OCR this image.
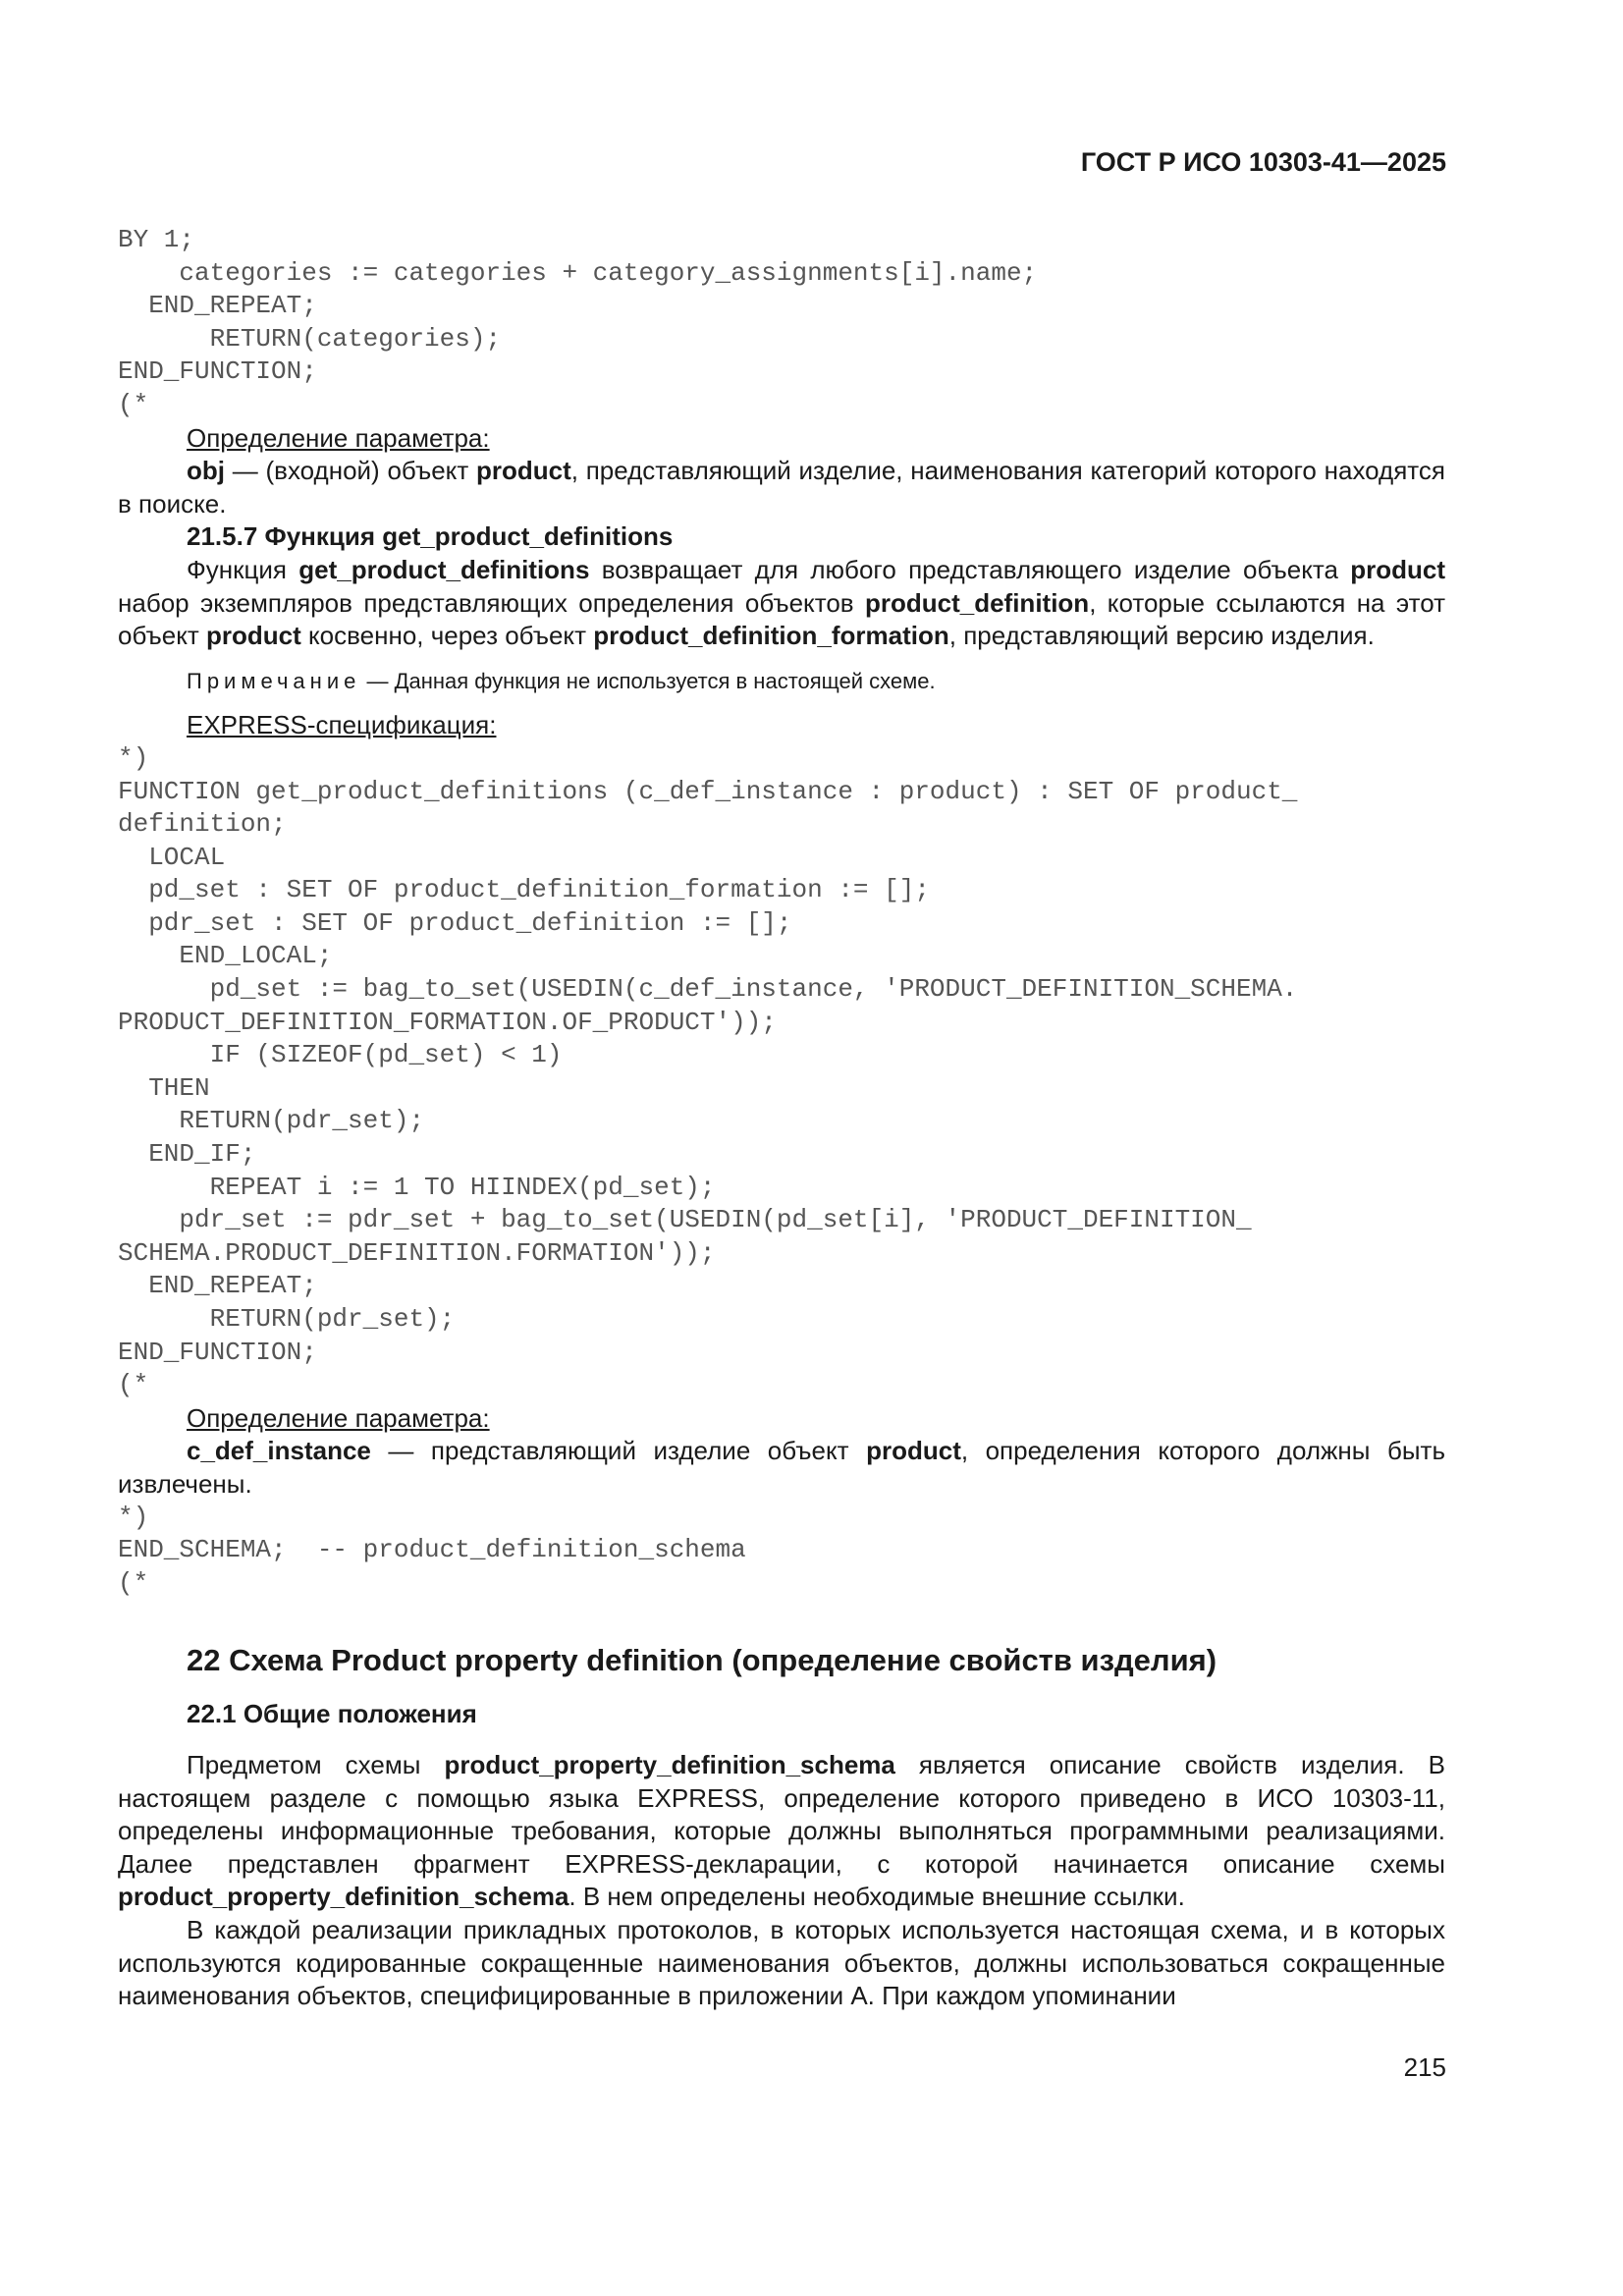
ГОСТ Р ИСО 10303-41—2025
BY 1;
categories := categories + category_assignments[i].name;
END_REPEAT;
RETURN(categories);
END_FUNCTION;
(*
Определение параметра:

obj — (входной) объект product, представляющий изделие, наименования категорий которого находятся в поиске.

21.5.7 Функция get_product_definitions

Функция get_product_definitions возвращает для любого представляющего изделие объекта product набор экземпляров представляющих определения объектов product_definition, которые ссылаются на этот объект product косвенно, через объект product_definition_formation, представляющий версию изделия.

Примечание — Данная функция не используется в настоящей схеме.

EXPRESS-спецификация:
*)
FUNCTION get_product_definitions (c_def_instance : product) : SET OF product_
definition;
LOCAL
pd_set : SET OF product_definition_formation := [];
pdr_set : SET OF product_definition := [];
END_LOCAL;
pd_set := bag_to_set(USEDIN(c_def_instance, 'PRODUCT_DEFINITION_SCHEMA.
PRODUCT_DEFINITION_FORMATION.OF_PRODUCT'));
IF (SIZEOF(pd_set) < 1)
THEN
RETURN(pdr_set);
END_IF;
REPEAT i := 1 TO HIINDEX(pd_set);
pdr_set := pdr_set + bag_to_set(USEDIN(pd_set[i], 'PRODUCT_DEFINITION_
SCHEMA.PRODUCT_DEFINITION.FORMATION'));
END_REPEAT;
RETURN(pdr_set);
END_FUNCTION;
(*
Определение параметра:

c_def_instance — представляющий изделие объект product, определения которого должны быть извлечены.

*)
END_SCHEMA;  -- product_definition_schema
(*
22 Схема Product property definition (определение свойств изделия)
22.1 Общие положения

Предметом схемы product_property_definition_schema является описание свойств изделия. В настоящем разделе с помощью языка EXPRESS, определение которого приведено в ИСО 10303-11, определены информационные требования, которые должны выполняться программными реализациями. Далее представлен фрагмент EXPRESS-декларации, с которой начинается описание схемы product_property_definition_schema. В нем определены необходимые внешние ссылки.

В каждой реализации прикладных протоколов, в которых используется настоящая схема, и в которых используются кодированные сокращенные наименования объектов, должны использоваться сокращенные наименования объектов, специфицированные в приложении А. При каждом упоминании

215
